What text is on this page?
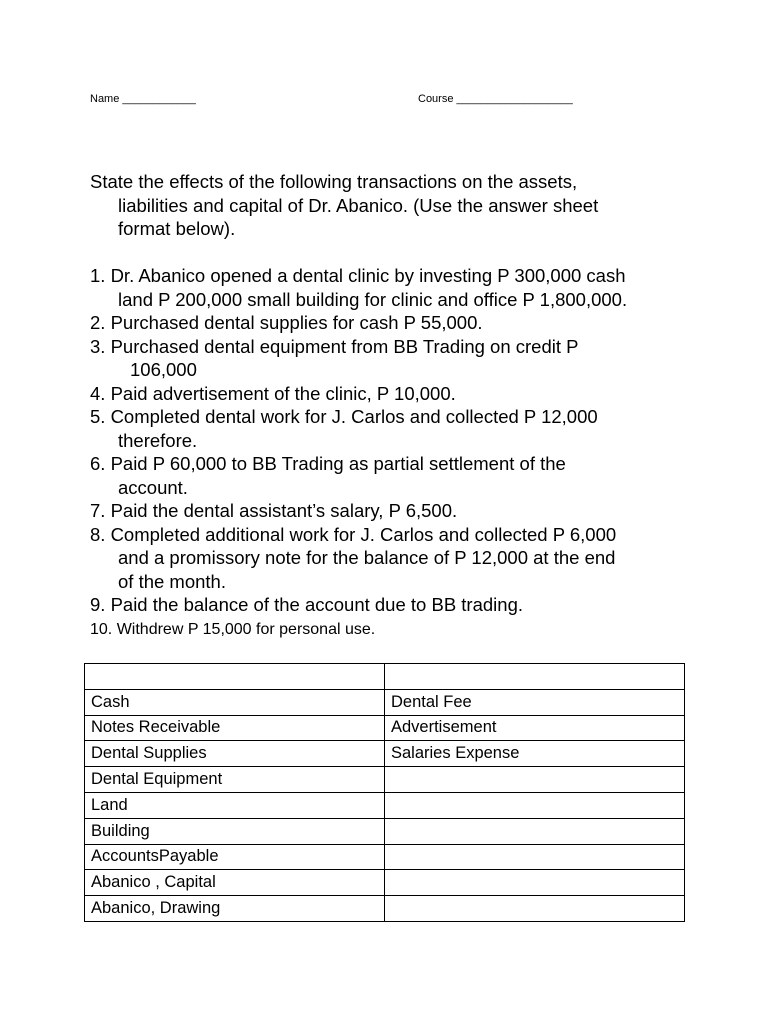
Name ____________	Course ___________________

State the effects of the following transactions on the assets,
liabilities and capital of Dr. Abanico. (Use the answer sheet
format below).

1. Dr. Abanico opened a dental clinic by investing P 300,000 cash
land P 200,000 small building for clinic and office P 1,800,000.
2. Purchased dental supplies for cash P 55,000.
3. Purchased dental equipment from BB Trading on credit P
106,000
4. Paid advertisement of the clinic, P 10,000.
5. Completed dental work for J. Carlos and collected P 12,000
therefore.
6. Paid P 60,000 to BB Trading as partial settlement of the
account.
7. Paid the dental assistant’s salary, P 6,500.
8. Completed additional work for J. Carlos and collected P 6,000
and a promissory note for the balance of P 12,000 at the end
of the month.
9. Paid the balance of the account due to BB trading.
10. Withdrew P 15,000 for personal use.

Cash	Dental Fee
Notes Receivable	Advertisement
Dental Supplies	Salaries Expense
Dental Equipment	
Land	
Building	
AccountsPayable	
Abanico , Capital	
Abanico, Drawing	
